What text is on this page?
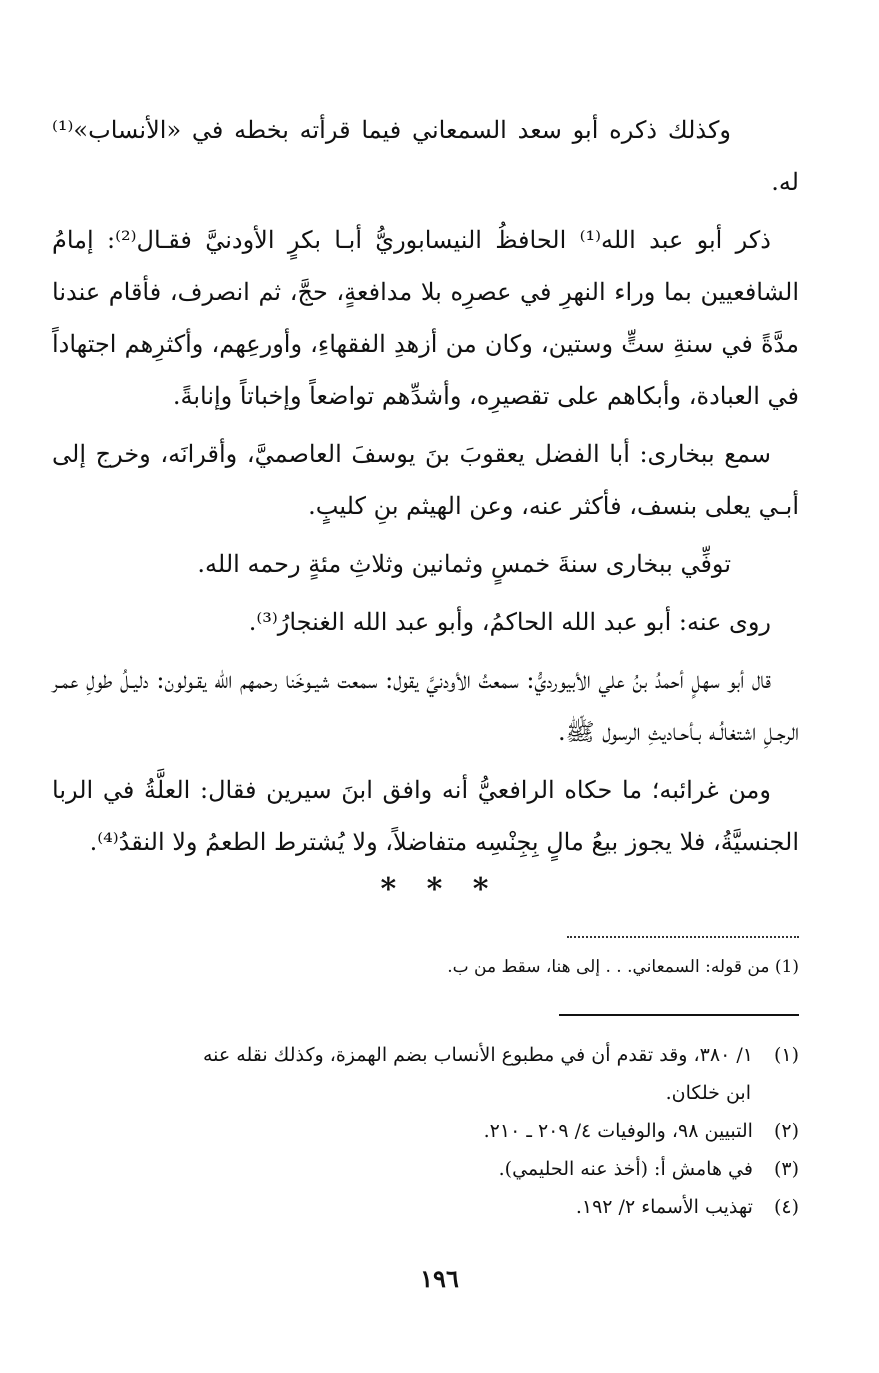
وكذلك ذكره أبو سعد السمعاني فيما قرأته بخطه في «الأنساب»⁽¹⁾ له.

ذكر أبو عبد الله⁽¹⁾ الحافظُ النيسابوريُّ أبـا بكرٍ الأودنيَّ فقـال⁽²⁾: إمامُ الشافعيين بما وراء النهرِ في عصرِه بلا مدافعةٍ، حجَّ، ثم انصرف، فأقام عندنا مدَّةً في سنةِ ستٍّ وستين، وكان من أزهدِ الفقهاءِ، وأورعِهم، وأكثرِهم اجتهاداً في العبادة، وأبكاهم على تقصيرِه، وأشدِّهم تواضعاً وإخباتاً وإنابةً.

سمع ببخارى: أبا الفضل يعقوبَ بنَ يوسفَ العاصميَّ، وأقرانَه، وخرج إلى أبـي يعلى بنسف، فأكثر عنه، وعن الهيثم بنِ كليبٍ.

توفِّي ببخارى سنةَ خمسٍ وثمانين وثلاثِ مئةٍ رحمه الله.

روى عنه: أبو عبد الله الحاكمُ، وأبو عبد الله الغنجارُ⁽³⁾.

قال أبو سهلٍ أحمدُ بنُ علي الأبيورديُّ: سمعتُ الأودنيَّ يقول: سمعت شيـوخَنا رحمهم الله يقـولون: دليـلُ طولِ عمـر الرجـلِ اشتغالُـه بـأحـاديثِ الرسول ﷺ.

ومن غرائبه؛ ما حكاه الرافعيُّ أنه وافق ابنَ سيرين فقال: العلَّةُ في الربا الجنسيَّةُ، فلا يجوز بيعُ مالٍ بِجِنْسِه متفاضلاً، ولا يُشترط الطعمُ ولا النقدُ⁽⁴⁾.

* * *
(1) من قوله: السمعاني. . . إلى هنا، سقط من ب.

(١) ١/ ٣٨٠، وقد تقدم أن في مطبوع الأنساب بضم الهمزة، وكذلك نقله عنه

ابن خلكان.

(٢) التبيين ٩٨، والوفيات ٤/ ٢٠٩ ـ ٢١٠.

(٣) في هامش أ: (أخذ عنه الحليمي).

(٤) تهذيب الأسماء ٢/ ١٩٢.

١٩٦
